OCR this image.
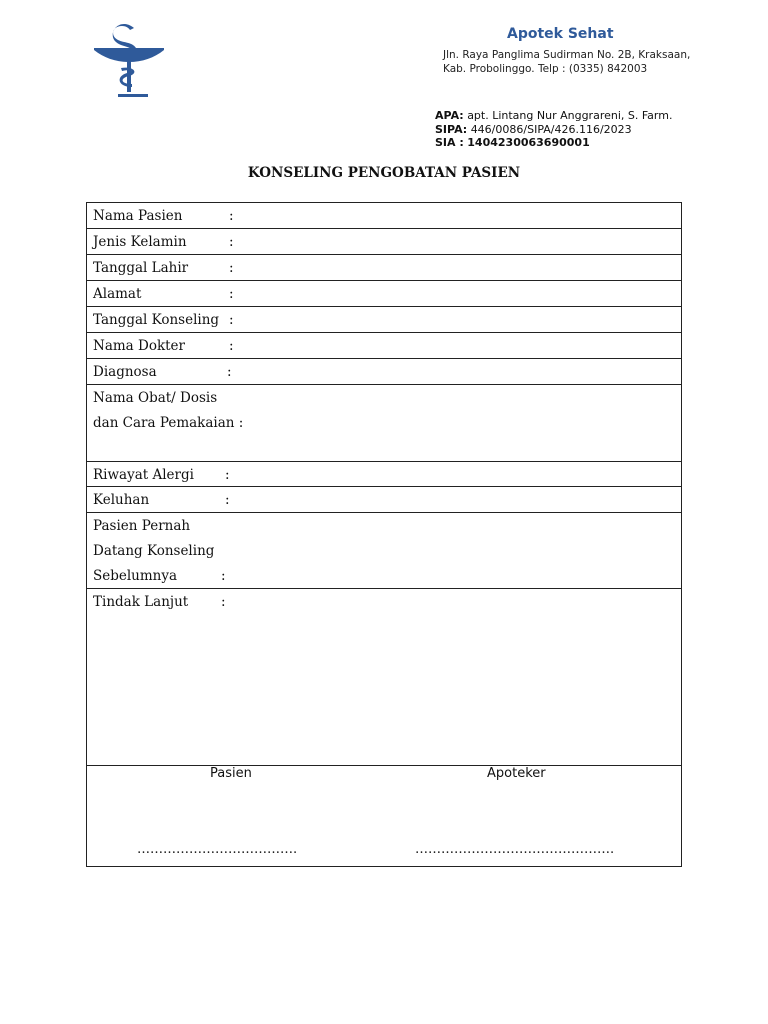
Apotek Sehat
Jln. Raya Panglima Sudirman No. 2B, Kraksaan,
Kab. Probolinggo. Telp : (0335) 842003
APA: apt. Lintang Nur Anggrareni, S. Farm.
SIPA: 446/0086/SIPA/426.116/2023
SIA : 1404230063690001
KONSELING PENGOBATAN PASIEN
Nama Pasien	:
Jenis Kelamin	:
Tanggal Lahir	:
Alamat	:
Tanggal Konseling :
Nama Dokter	:
Diagnosa	:
Nama Obat/ Dosis
dan Cara Pemakaian :
Riwayat Alergi :
Keluhan	:
Pasien Pernah
Datang Konseling
Sebelumnya	:
Tindak Lanjut :
Pasien	Apoteker
……………………………….	……………………………………….
